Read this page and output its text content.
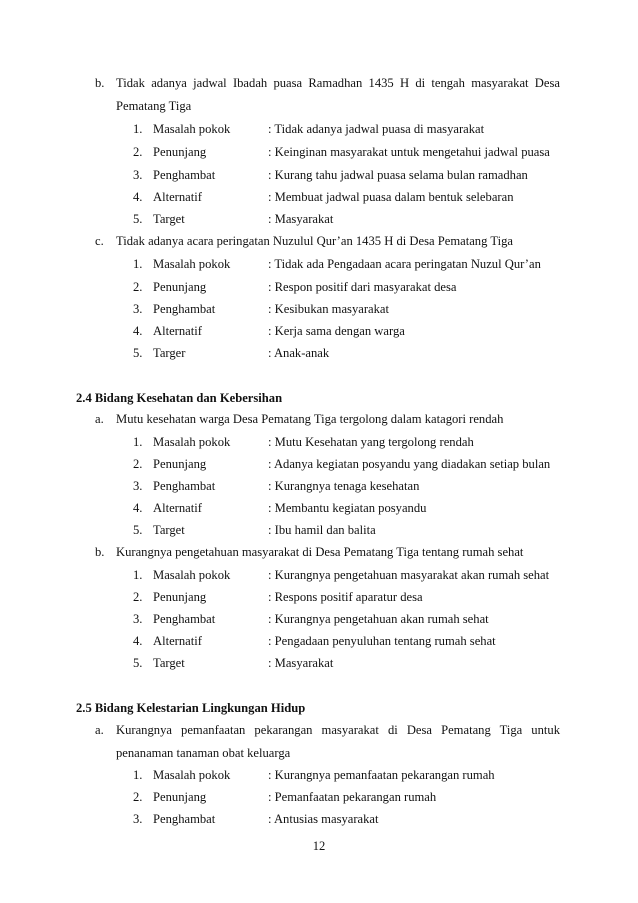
b. Tidak adanya jadwal Ibadah puasa Ramadhan 1435 H di tengah masyarakat Desa
Pematang Tiga
1. Masalah pokok	: Tidak adanya jadwal puasa di masyarakat
2. Penunjang	: Keinginan masyarakat untuk mengetahui jadwal puasa
3. Penghambat	: Kurang tahu jadwal puasa selama bulan ramadhan
4. Alternatif	: Membuat jadwal puasa dalam bentuk selebaran
5. Target	: Masyarakat
c. Tidak adanya acara peringatan Nuzulul Qur’an 1435 H di Desa Pematang Tiga
1. Masalah pokok	: Tidak ada Pengadaan acara peringatan Nuzul Qur’an
2. Penunjang	: Respon positif dari masyarakat desa
3. Penghambat	: Kesibukan masyarakat
4. Alternatif	: Kerja sama dengan warga
5. Targer	: Anak-anak
2.4 Bidang Kesehatan dan Kebersihan
a. Mutu kesehatan warga Desa Pematang Tiga tergolong dalam katagori rendah
1. Masalah pokok	: Mutu Kesehatan yang tergolong rendah
2. Penunjang	: Adanya kegiatan posyandu yang diadakan setiap bulan
3. Penghambat	: Kurangnya tenaga kesehatan
4. Alternatif	: Membantu kegiatan posyandu
5. Target	: Ibu hamil dan balita
b. Kurangnya pengetahuan masyarakat di Desa Pematang Tiga tentang rumah sehat
1. Masalah pokok	: Kurangnya pengetahuan masyarakat akan rumah sehat
2. Penunjang	: Respons positif aparatur desa
3. Penghambat	: Kurangnya pengetahuan akan rumah sehat
4. Alternatif	: Pengadaan penyuluhan tentang rumah sehat
5. Target	: Masyarakat
2.5 Bidang Kelestarian Lingkungan Hidup
a. Kurangnya pemanfaatan pekarangan masyarakat di Desa Pematang Tiga untuk
penanaman tanaman obat keluarga
1. Masalah pokok	: Kurangnya pemanfaatan pekarangan rumah
2. Penunjang	: Pemanfaatan pekarangan rumah
3. Penghambat	: Antusias masyarakat
12
